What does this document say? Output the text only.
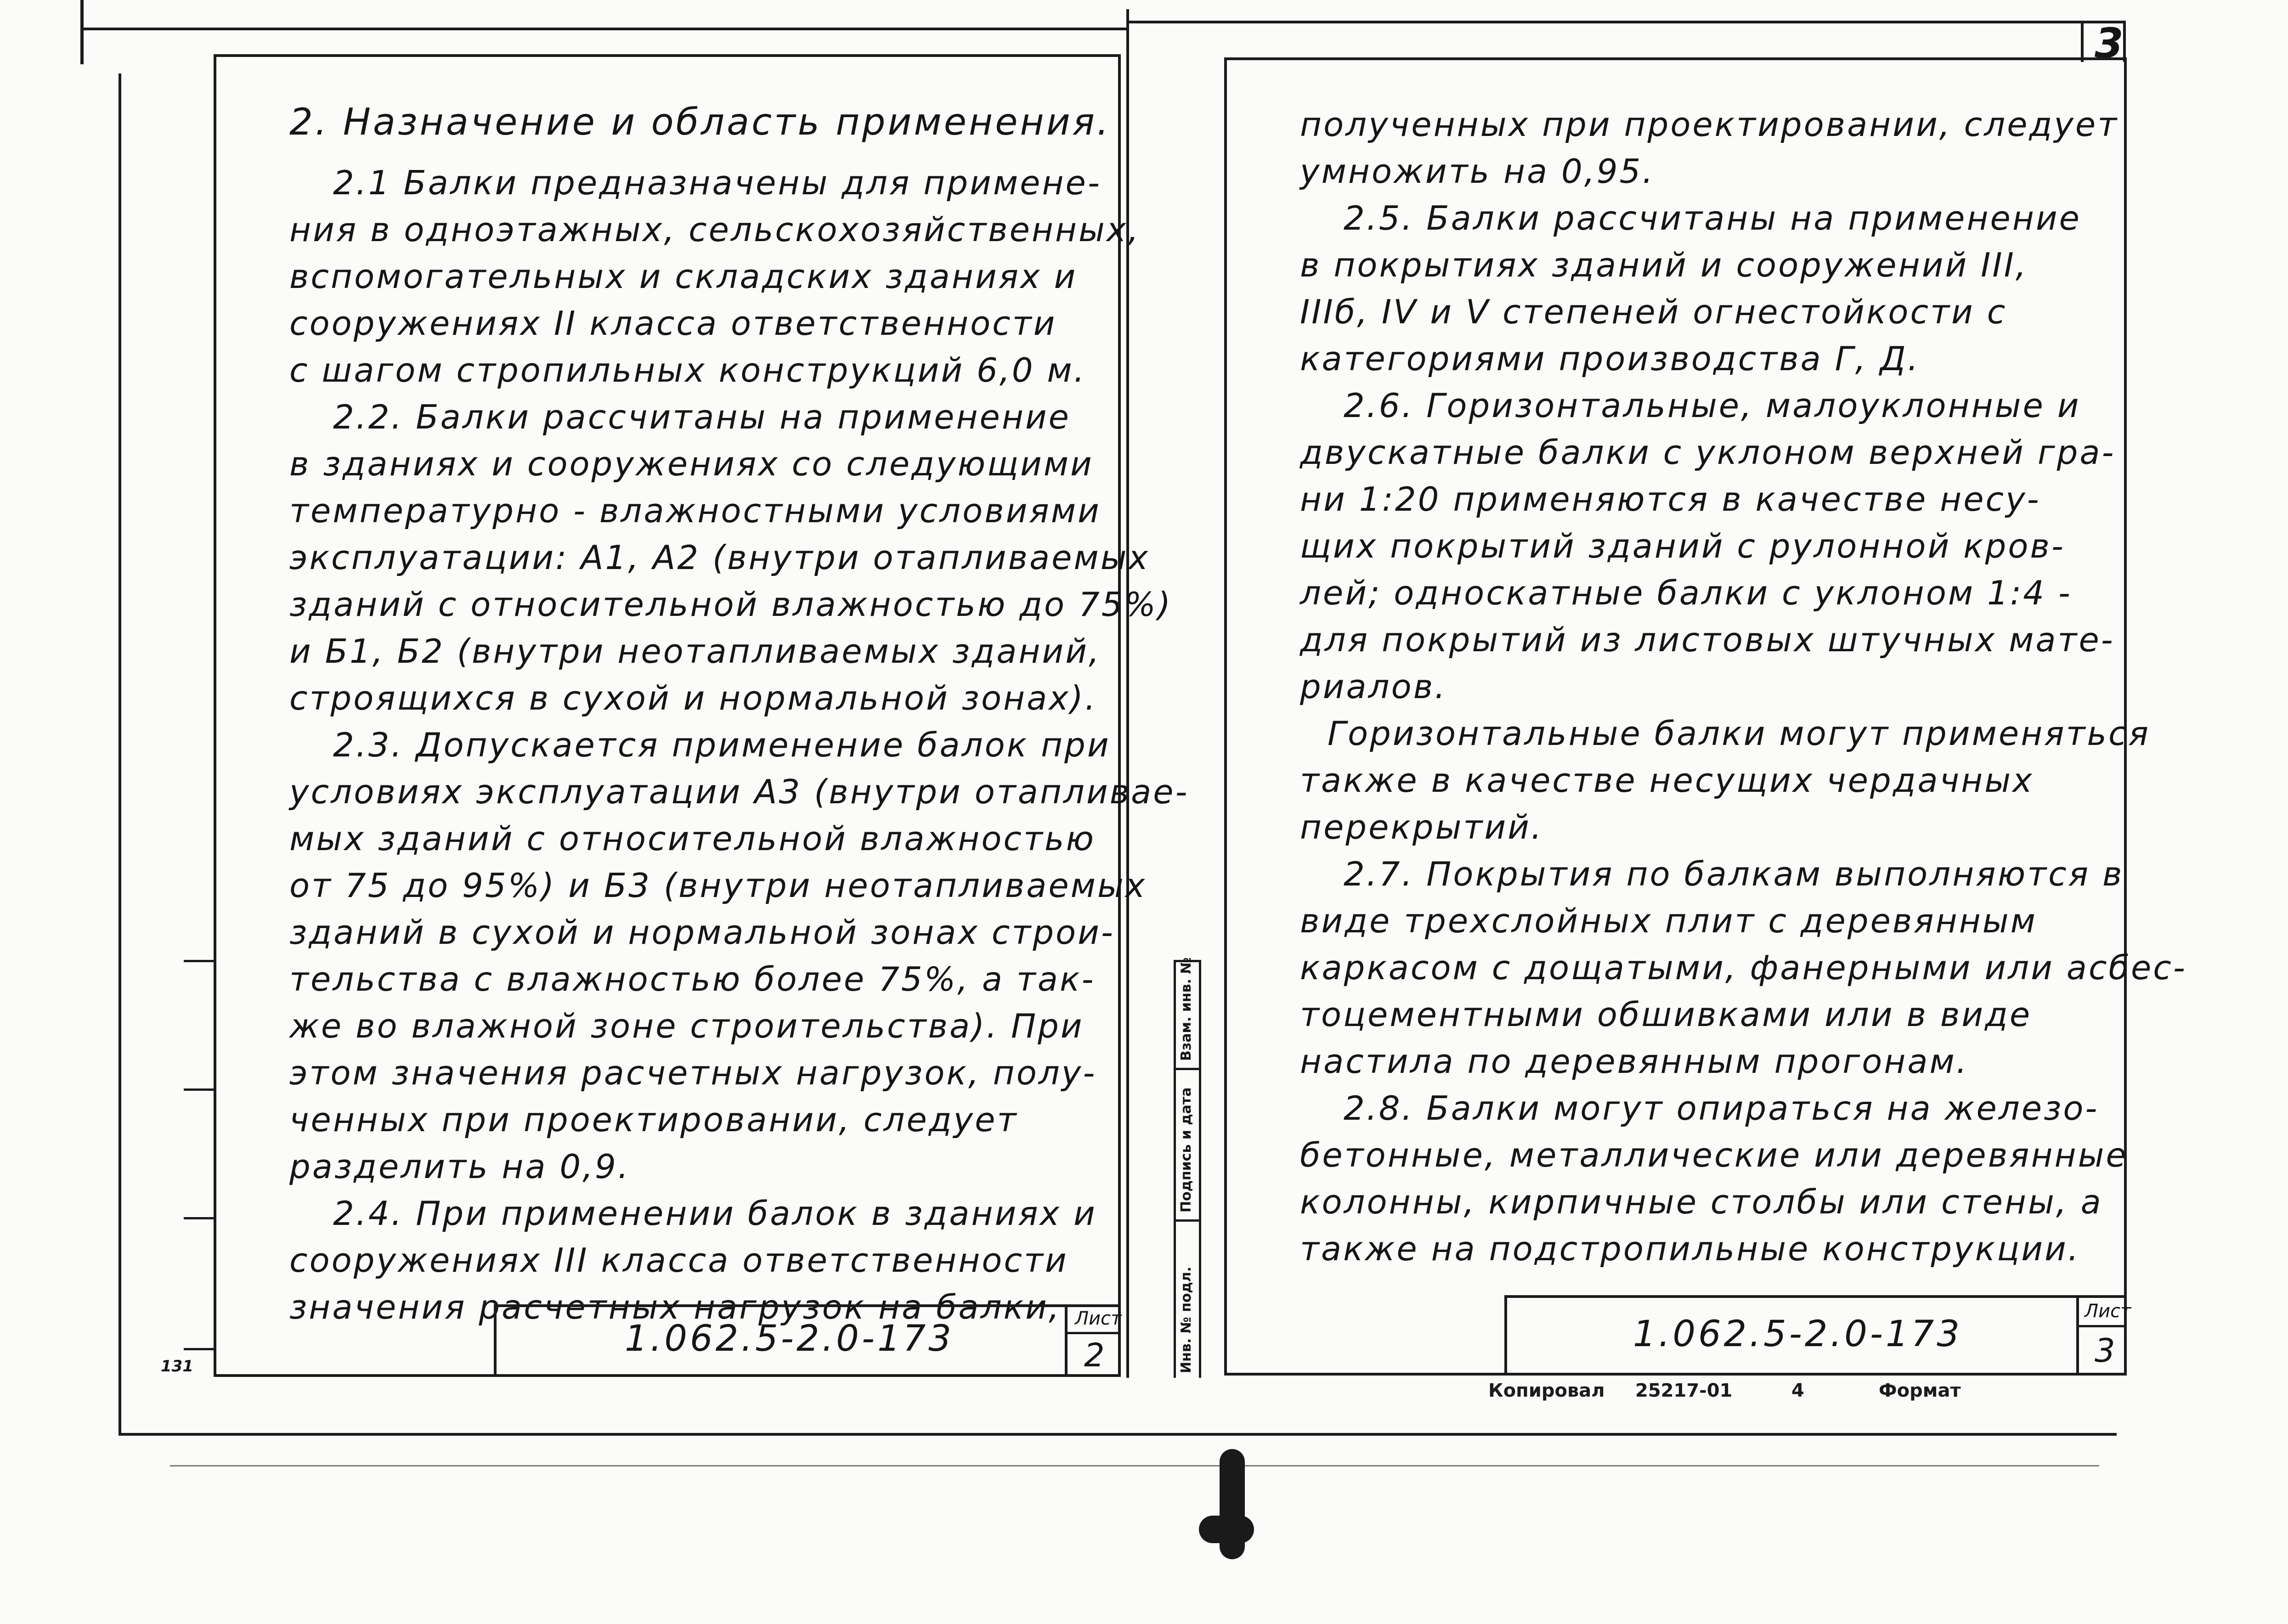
131
2. Назначение и область применения.
2.1 Балки предназначены для примене-
ния в одноэтажных, сельскохозяйственных,
вспомогательных и складских зданиях и
сооружениях II класса ответственности
с шагом стропильных конструкций 6,0 м.
2.2. Балки рассчитаны на применение
в зданиях и сооружениях со следующими
температурно - влажностными условиями
эксплуатации: А1, А2 (внутри отапливаемых
зданий с относительной влажностью до 75%)
и Б1, Б2 (внутри неотапливаемых зданий,
строящихся в сухой и нормальной зонах).
2.3. Допускается применение балок при
условиях эксплуатации А3 (внутри отапливае-
мых зданий с относительной влажностью
от 75 до 95%) и Б3 (внутри неотапливаемых
зданий в сухой и нормальной зонах строи-
тельства с влажностью более 75%, а так-
же во влажной зоне строительства). При
этом значения расчетных нагрузок, полу-
ченных при проектировании, следует
разделить на 0,9.
2.4. При применении балок в зданиях и
сооружениях III класса ответственности
значения расчетных нагрузок на балки,
1.062.5-2.0-173	Лист
2
Взам. инв. №
Подпись и дата
Инв. № подл.
3
полученных при проектировании, следует
умножить на 0,95.
2.5. Балки рассчитаны на применение
в покрытиях зданий и сооружений III,
IIIб, IV и V степеней огнестойкости с
категориями производства Г, Д.
2.6. Горизонтальные, малоуклонные и
двускатные балки с уклоном верхней гра-
ни 1:20 применяются в качестве несу-
щих покрытий зданий с рулонной кров-
лей; односкатные балки с уклоном 1:4 -
для покрытий из листовых штучных мате-
риалов.
Горизонтальные балки могут применяться
также в качестве несущих чердачных
перекрытий.
2.7. Покрытия по балкам выполняются в
виде трехслойных плит с деревянным
каркасом с дощатыми, фанерными или асбес-
тоцементными обшивками или в виде
настила по деревянным прогонам.
2.8. Балки могут опираться на железо-
бетонные, металлические или деревянные
колонны, кирпичные столбы или стены, а
также на подстропильные конструкции.
1.062.5-2.0-173
Лист
3
Копировал 25217-01	4	Формат
